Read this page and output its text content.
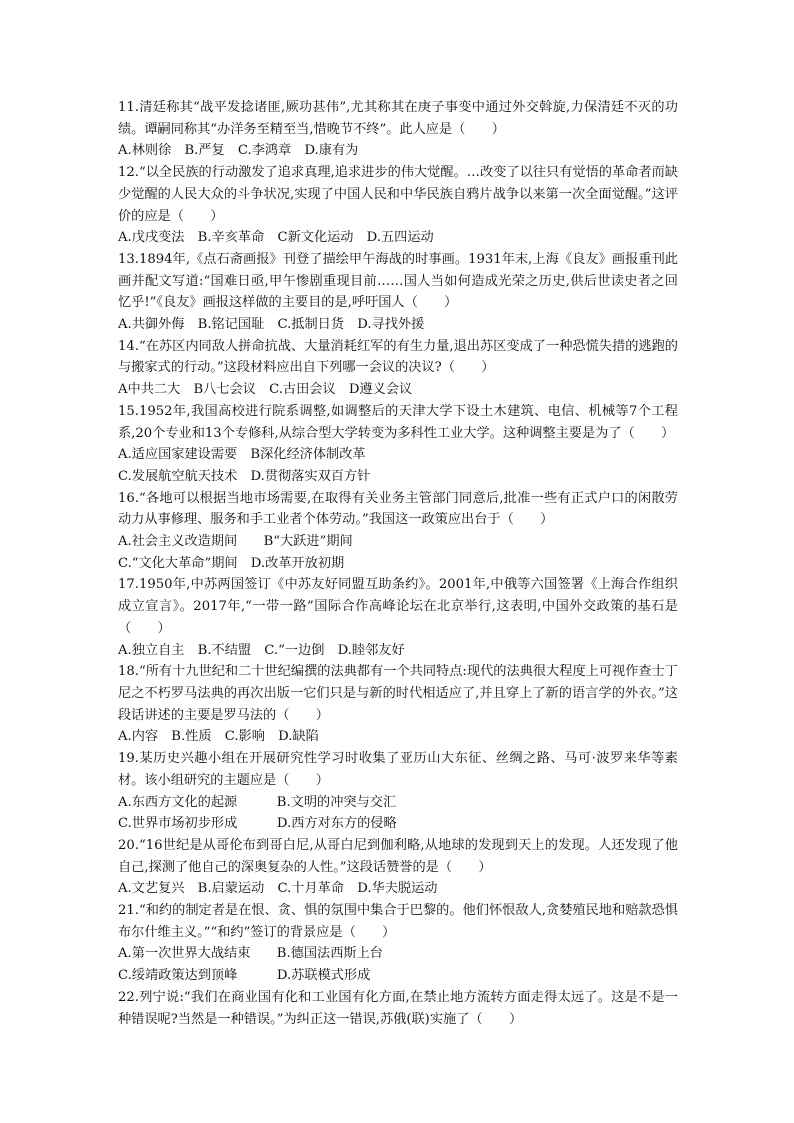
11.清廷称其“战平发捻诸匪,厥功甚伟”,尤其称其在庚子事变中通过外交斡旋,力保清廷不灭的功绩。谭嗣同称其“办洋务至精至当,惜晚节不终”。此人应是（　　）

A.林则徐　B.严复　C.李鸿章　D.康有为

12.“以全民族的行动激发了追求真理,追求进步的伟大觉醒。…改变了以往只有觉悟的革命者而缺少觉醒的人民大众的斗争状况,实现了中国人民和中华民族自鸦片战争以来第一次全面觉醒。”这评价的应是（　　）

A.戊戌变法　B.辛亥革命　C新文化运动　D.五四运动

13.1894年,《点石斋画报》刊登了描绘甲午海战的时事画。1931年末,上海《良友》画报重刊此画并配文写道:“国难日亟,甲午惨剧重现目前……国人当如何造成光荣之历史,供后世读史者之回忆乎!”《良友》画报这样做的主要目的是,呼吁国人（　　）

A.共御外侮　B.铭记国耻　C.抵制日货　D.寻找外援

14.“在苏区内同敌人拼命抗战、大量消耗红军的有生力量,退出苏区变成了一种恐慌失措的逃跑的与搬家式的行动。”这段材料应出自下列哪一会议的决议?（　　）

A中共二大　B八七会议　C.古田会议　D遵义会议

15.1952年,我国高校进行院系调整,如调整后的天津大学下设土木建筑、电信、机械等7个工程系,20个专业和13个专修科,从综合型大学转变为多科性工业大学。这种调整主要是为了（　　）

A.适应国家建设需要　B深化经济体制改革

C.发展航空航天技术　D.贯彻落实双百方针

16.“各地可以根据当地市场需要,在取得有关业务主管部门同意后,批准一些有正式户口的闲散劳动力从事修理、服务和手工业者个体劳动。”我国这一政策应出台于（　　）

A.社会主义改造期间　　B“大跃进”期间

C.“文化大革命”期间　D.改革开放初期

17.1950年,中苏两国签订《中苏友好同盟互助条约》。2001年,中俄等六国签署《上海合作组织成立宣言》。2017年,“一带一路”国际合作高峰论坛在北京举行,这表明,中国外交政策的基石是（　　）

A.独立自主　B.不结盟　C.“一边倒　D.睦邻友好

18.“所有十九世纪和二十世纪编撰的法典都有一个共同特点:现代的法典很大程度上可视作查士丁尼之不朽罗马法典的再次出版一它们只是与新的时代相适应了,并且穿上了新的语言学的外衣。”这段话讲述的主要是罗马法的（　　）

A.内容　B.性质　C.影响　D.缺陷

19.某历史兴趣小组在开展研究性学习时收集了亚历山大东征、丝绸之路、马可·波罗来华等素材。该小组研究的主题应是（　　）

A.东西方文化的起源　　　B.文明的冲突与交汇

C.世界市场初步形成　　　D.西方对东方的侵略

20.“16世纪是从哥伦布到哥白尼,从哥白尼到伽利略,从地球的发现到天上的发现。人还发现了他自己,探测了他自己的深奥复杂的人性。”这段话赞誉的是（　　）

A.文艺复兴　B.启蒙运动　C.十月革命　D.华夫脱运动

21.“和约的制定者是在恨、贪、惧的氛围中集合于巴黎的。他们怀恨敌人,贪婪殖民地和赔款恐惧布尔什维主义。”“和约”签订的背景应是（　　）

A.第一次世界大战结束　　B.德国法西斯上台

C.绥靖政策达到顶峰　　　D.苏联模式形成

22.列宁说:“我们在商业国有化和工业国有化方面,在禁止地方流转方面走得太远了。这是不是一种错误呢?当然是一种错误。”为纠正这一错误,苏俄(联)实施了（　　）
